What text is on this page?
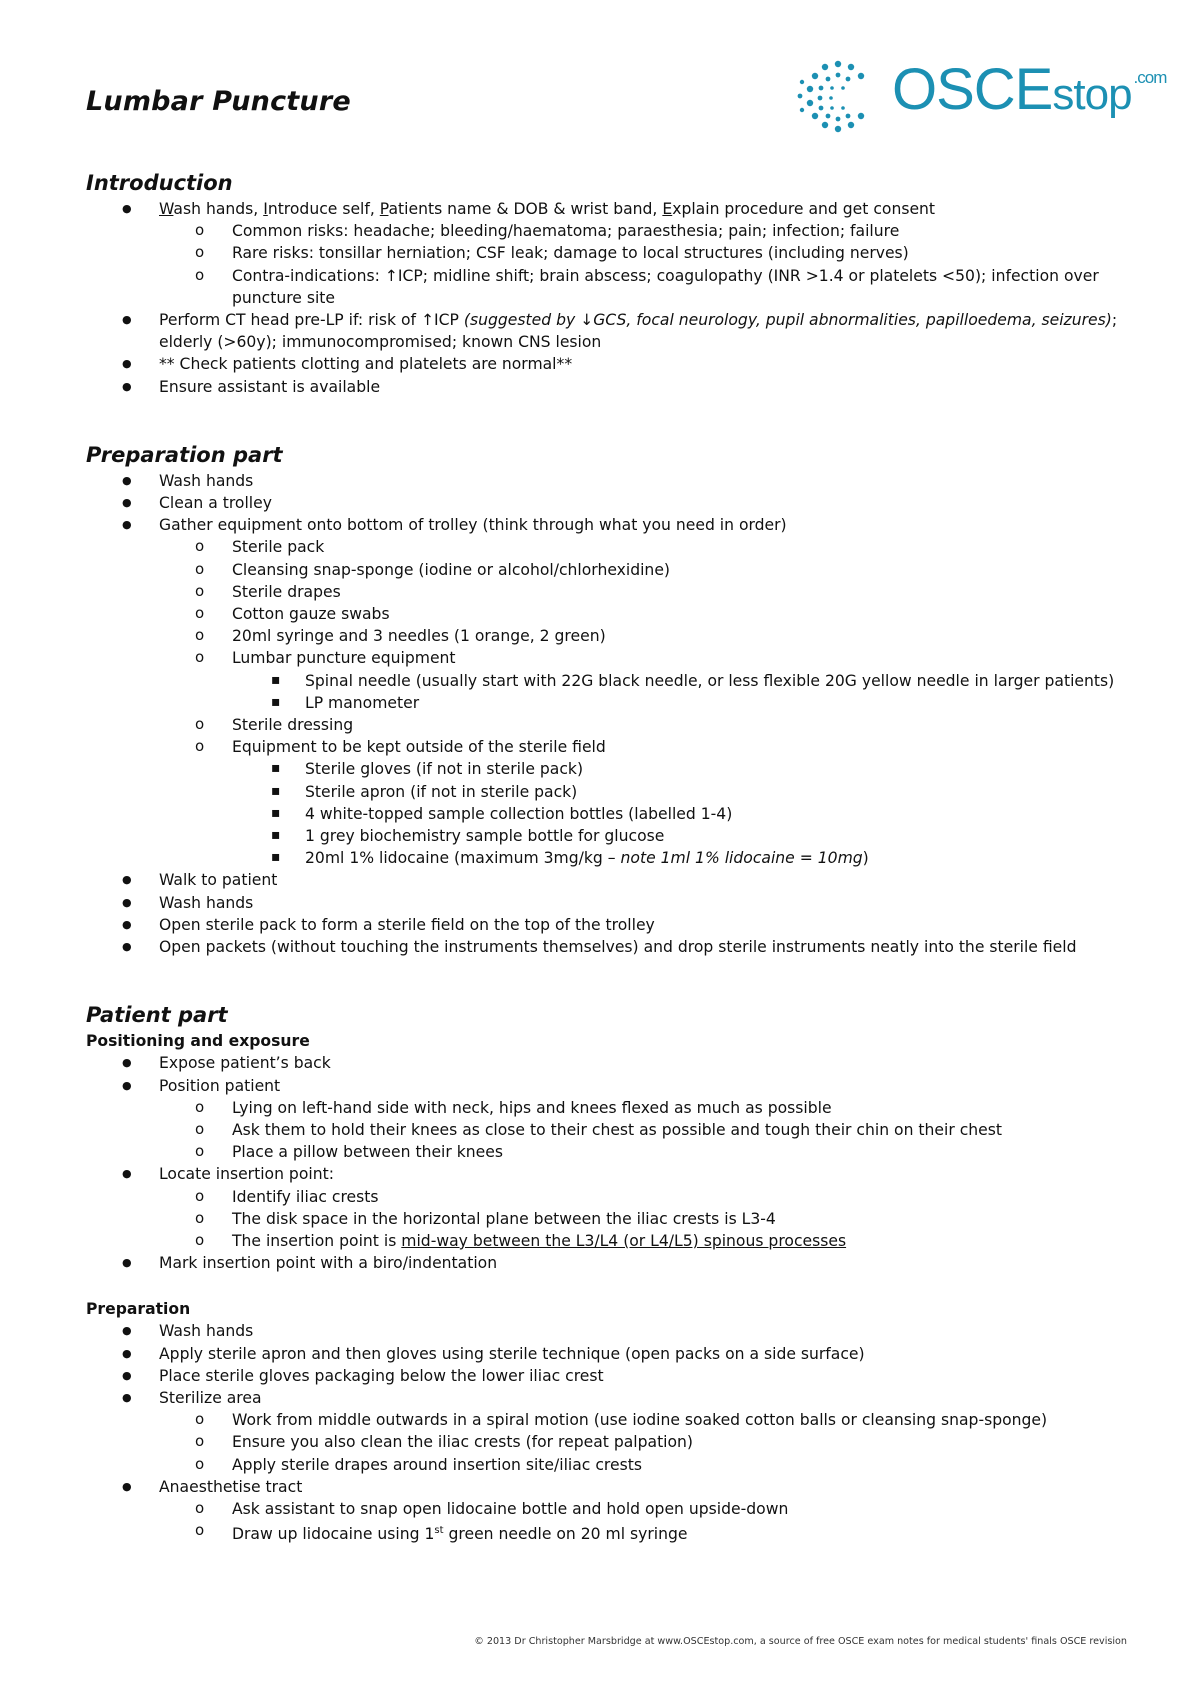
Lumbar Puncture	OSCEstop $^{.com}$
Introduction
● Wash hands, Introduce self, Patients name & DOB & wrist band, Explain procedure and get consent
o Common risks: headache; bleeding/haematoma; paraesthesia; pain; infection; failure
o Rare risks: tonsillar herniation; CSF leak; damage to local structures (including nerves)
o Contra-indications: ↑ICP; midline shift; brain abscess; coagulopathy (INR >1.4 or platelets <50); infection over puncture site
● Perform CT head pre-LP if: risk of ↑ICP (suggested by ↓GCS, focal neurology, pupil abnormalities, papilloedema, seizures); elderly (>60y); immunocompromised; known CNS lesion
● ** Check patients clotting and platelets are normal**
● Ensure assistant is available
Preparation part
● Wash hands
● Clean a trolley
● Gather equipment onto bottom of trolley (think through what you need in order)
o Sterile pack
o Cleansing snap-sponge (iodine or alcohol/chlorhexidine)
o Sterile drapes
o Cotton gauze swabs
o 20ml syringe and 3 needles (1 orange, 2 green)
o Lumbar puncture equipment
▪ Spinal needle (usually start with 22G black needle, or less flexible 20G yellow needle in larger patients)
▪ LP manometer
o Sterile dressing
o Equipment to be kept outside of the sterile field
▪ Sterile gloves (if not in sterile pack)
▪ Sterile apron (if not in sterile pack)
▪ 4 white-topped sample collection bottles (labelled 1-4)
▪ 1 grey biochemistry sample bottle for glucose
▪ 20ml 1% lidocaine (maximum 3mg/kg – note 1ml 1% lidocaine = 10mg)
● Walk to patient
● Wash hands
● Open sterile pack to form a sterile field on the top of the trolley
● Open packets (without touching the instruments themselves) and drop sterile instruments neatly into the sterile field
Patient part
Positioning and exposure
● Expose patient’s back
● Position patient
o Lying on left-hand side with neck, hips and knees flexed as much as possible
o Ask them to hold their knees as close to their chest as possible and tough their chin on their chest
o Place a pillow between their knees
● Locate insertion point:
o Identify iliac crests
o The disk space in the horizontal plane between the iliac crests is L3-4
o The insertion point is mid-way between the L3/L4 (or L4/L5) spinous processes
● Mark insertion point with a biro/indentation
Preparation
● Wash hands
● Apply sterile apron and then gloves using sterile technique (open packs on a side surface)
● Place sterile gloves packaging below the lower iliac crest
● Sterilize area
o Work from middle outwards in a spiral motion (use iodine soaked cotton balls or cleansing snap-sponge)
o Ensure you also clean the iliac crests (for repeat palpation)
o Apply sterile drapes around insertion site/iliac crests
● Anaesthetise tract
o Ask assistant to snap open lidocaine bottle and hold open upside-down
o Draw up lidocaine using 1st green needle on 20 ml syringe
© 2013 Dr Christopher Marsbridge at www.OSCEstop.com, a source of free OSCE exam notes for medical students' finals OSCE revision
